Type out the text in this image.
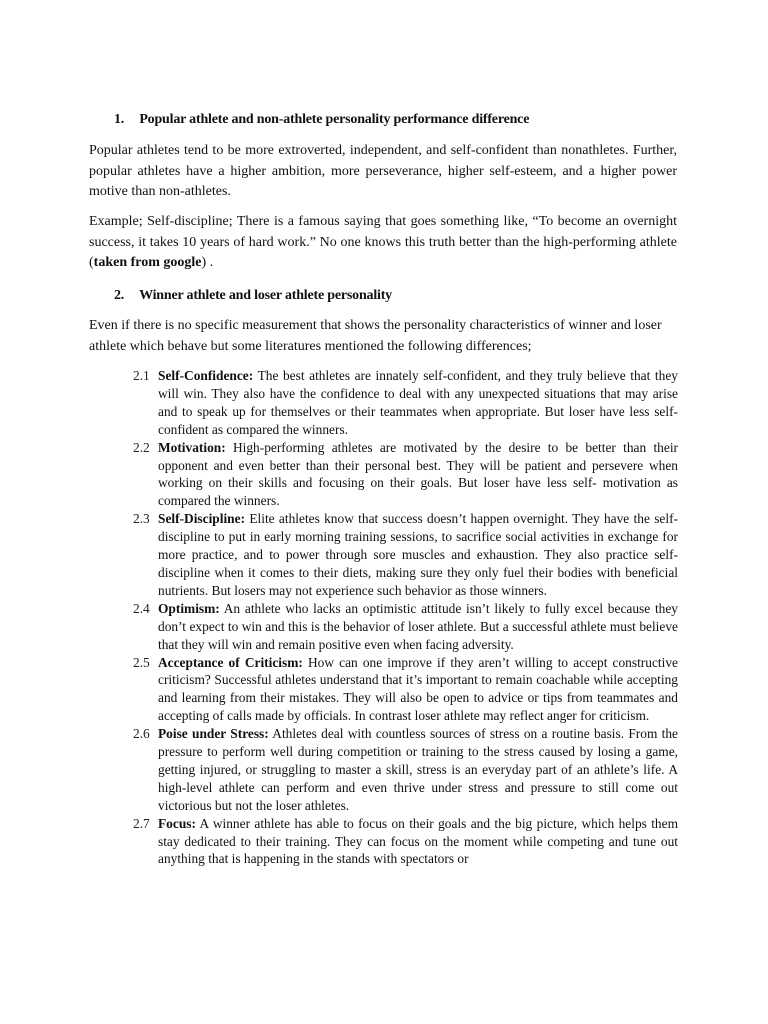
1. Popular athlete and non-athlete personality performance difference

Popular athletes tend to be more extroverted, independent, and self-confident than nonathletes. Further, popular athletes have a higher ambition, more perseverance, higher self-esteem, and a higher power motive than non-athletes.

Example; Self-discipline; There is a famous saying that goes something like, “To become an overnight success, it takes 10 years of hard work.” No one knows this truth better than the high-performing athlete (taken from google) .

2. Winner athlete and loser athlete personality

Even if there is no specific measurement that shows the personality characteristics of winner and loser athlete which behave but some literatures mentioned the following differences;

2.1 Self-Confidence: The best athletes are innately self-confident, and they truly believe that they will win. They also have the confidence to deal with any unexpected situations that may arise and to speak up for themselves or their teammates when appropriate. But loser have less self- confident as compared the winners.
2.2 Motivation: High-performing athletes are motivated by the desire to be better than their opponent and even better than their personal best. They will be patient and persevere when working on their skills and focusing on their goals. But loser have less self- motivation as compared the winners.
2.3 Self-Discipline: Elite athletes know that success doesn’t happen overnight. They have the self-discipline to put in early morning training sessions, to sacrifice social activities in exchange for more practice, and to power through sore muscles and exhaustion. They also practice self-discipline when it comes to their diets, making sure they only fuel their bodies with beneficial nutrients. But losers may not experience such behavior as those winners.
2.4 Optimism: An athlete who lacks an optimistic attitude isn’t likely to fully excel because they don’t expect to win and this is the behavior of loser athlete. But a successful athlete must believe that they will win and remain positive even when facing adversity.
2.5 Acceptance of Criticism: How can one improve if they aren’t willing to accept constructive criticism? Successful athletes understand that it’s important to remain coachable while accepting and learning from their mistakes. They will also be open to advice or tips from teammates and accepting of calls made by officials. In contrast loser athlete may reflect anger for criticism.
2.6 Poise under Stress: Athletes deal with countless sources of stress on a routine basis. From the pressure to perform well during competition or training to the stress caused by losing a game, getting injured, or struggling to master a skill, stress is an everyday part of an athlete’s life. A high-level athlete can perform and even thrive under stress and pressure to still come out victorious but not the loser athletes.
2.7 Focus: A winner athlete has able to focus on their goals and the big picture, which helps them stay dedicated to their training. They can focus on the moment while competing and tune out anything that is happening in the stands with spectators or
